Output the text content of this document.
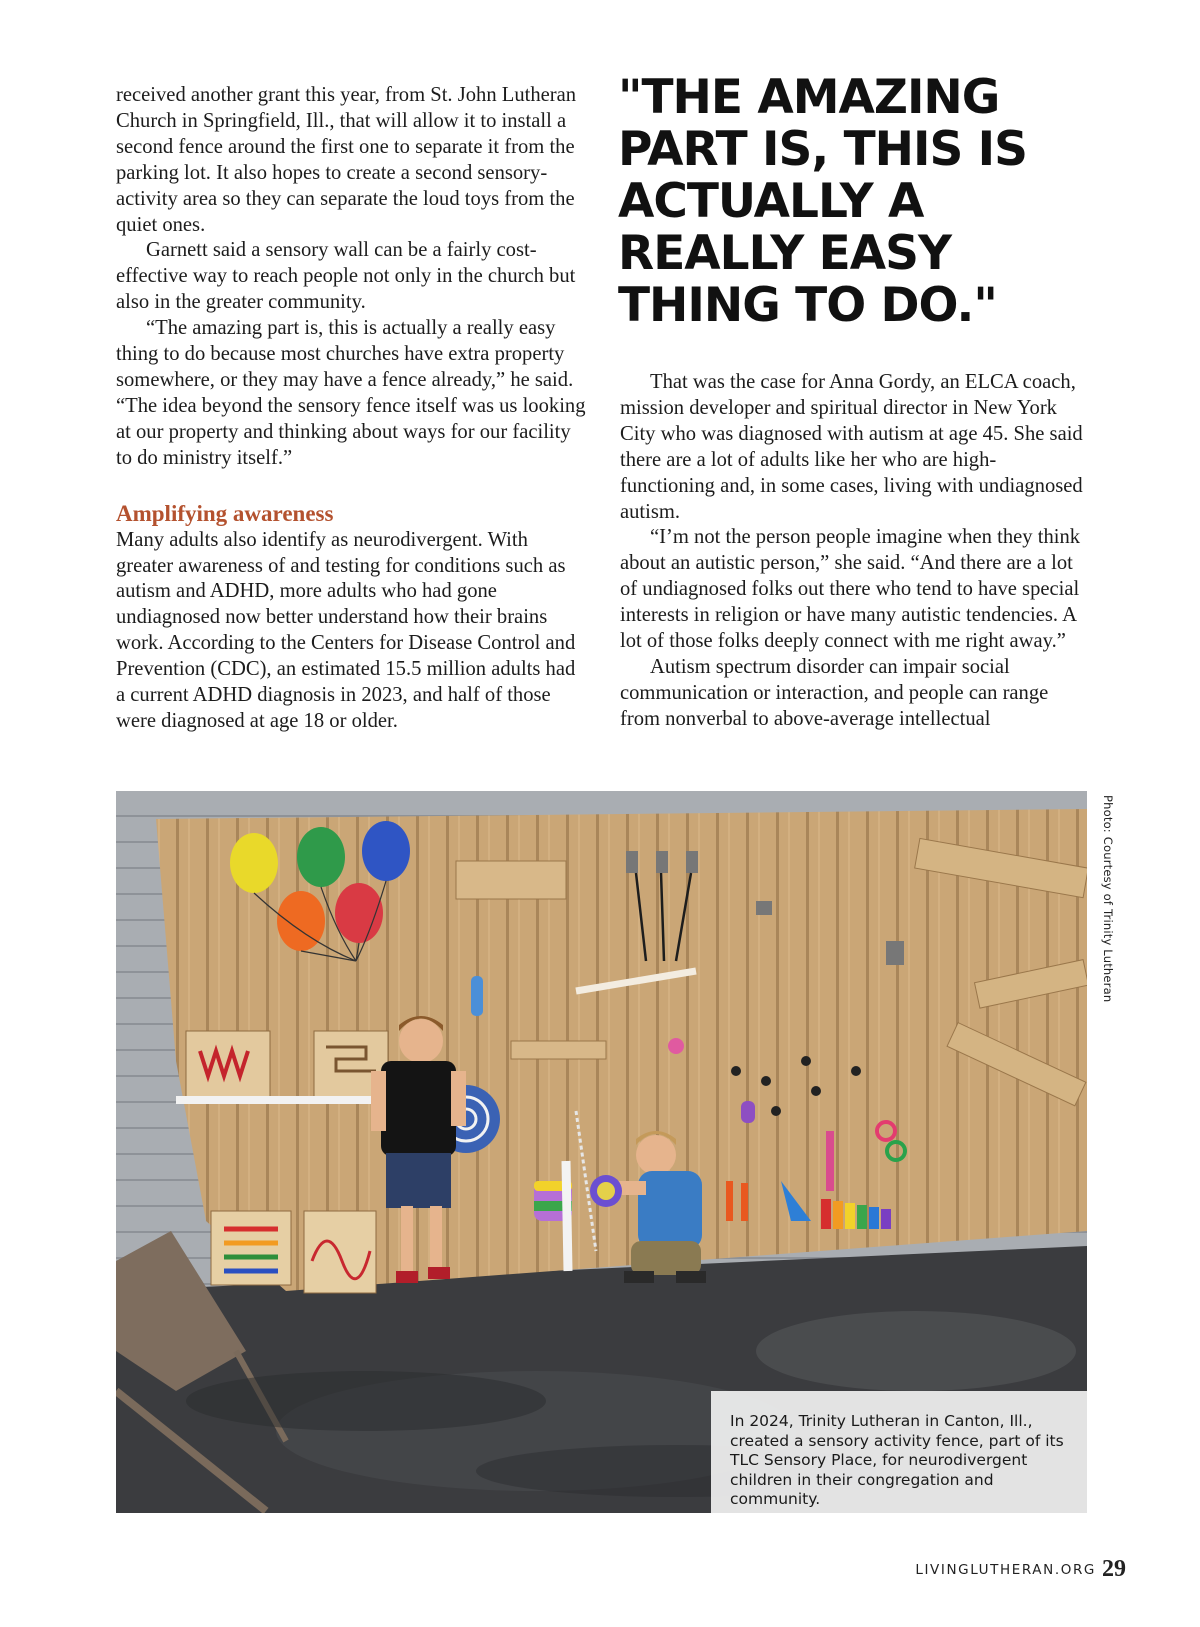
received another grant this year, from St. John Lutheran Church in Springfield, Ill., that will allow it to install a second fence around the first one to separate it from the parking lot. It also hopes to create a second sensory-activity area so they can separate the loud toys from the quiet ones.

Garnett said a sensory wall can be a fairly cost-effective way to reach people not only in the church but also in the greater community.

“The amazing part is, this is actually a really easy thing to do because most churches have extra property somewhere, or they may have a fence already,” he said. “The idea beyond the sensory fence itself was us looking at our property and thinking about ways for our facility to do ministry itself.”

Amplifying awareness

Many adults also identify as neurodivergent. With greater awareness of and testing for conditions such as autism and ADHD, more adults who had gone undiagnosed now better understand how their brains work. According to the Centers for Disease Control and Prevention (CDC), an estimated 15.5 million adults had a current ADHD diagnosis in 2023, and half of those were diagnosed at age 18 or older.

"THE AMAZING PART IS, THIS IS ACTUALLY A REALLY EASY THING TO DO."

That was the case for Anna Gordy, an ELCA coach, mission developer and spiritual director in New York City who was diagnosed with autism at age 45. She said there are a lot of adults like her who are high-functioning and, in some cases, living with undiagnosed autism.

“I’m not the person people imagine when they think about an autistic person,” she said. “And there are a lot of undiagnosed folks out there who tend to have special interests in religion or have many autistic tendencies. A lot of those folks deeply connect with me right away.”

Autism spectrum disorder can impair social communication or interaction, and people can range from nonverbal to above-average intellectual

In 2024, Trinity Lutheran in Canton, Ill., created a sensory activity fence, part of its TLC Sensory Place, for neurodivergent children in their congregation and community.
Photo: Courtesy of Trinity Lutheran
LIVINGLUTHERAN.ORG 29
